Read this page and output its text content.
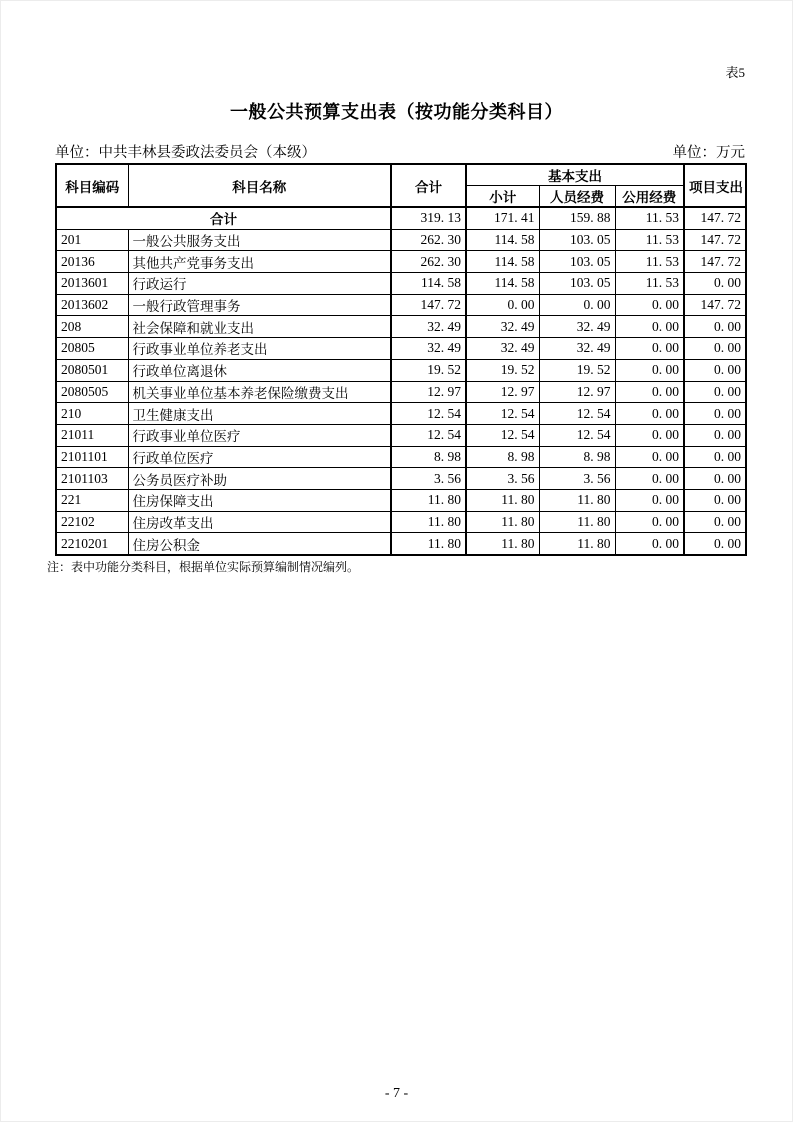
表5
一般公共预算支出表（按功能分类科目）
单位：中共丰林县委政法委员会（本级）	单位：万元
科目编码	科目名称	合计	基本支出			项目支出
			小计	人员经费	公用经费	
合计		319. 13	171. 41	159. 88	11. 53	147. 72
201	一般公共服务支出	262. 30	114. 58	103. 05	11. 53	147. 72
20136	其他共产党事务支出	262. 30	114. 58	103. 05	11. 53	147. 72
2013601	行政运行	114. 58	114. 58	103. 05	11. 53	0. 00
2013602	一般行政管理事务	147. 72	0. 00	0. 00	0. 00	147. 72
208	社会保障和就业支出	32. 49	32. 49	32. 49	0. 00	0. 00
20805	行政事业单位养老支出	32. 49	32. 49	32. 49	0. 00	0. 00
2080501	行政单位离退休	19. 52	19. 52	19. 52	0. 00	0. 00
2080505	机关事业单位基本养老保险缴费支出	12. 97	12. 97	12. 97	0. 00	0. 00
210	卫生健康支出	12. 54	12. 54	12. 54	0. 00	0. 00
21011	行政事业单位医疗	12. 54	12. 54	12. 54	0. 00	0. 00
2101101	行政单位医疗	8. 98	8. 98	8. 98	0. 00	0. 00
2101103	公务员医疗补助	3. 56	3. 56	3. 56	0. 00	0. 00
221	住房保障支出	11. 80	11. 80	11. 80	0. 00	0. 00
22102	住房改革支出	11. 80	11. 80	11. 80	0. 00	0. 00
2210201	住房公积金	11. 80	11. 80	11. 80	0. 00	0. 00
注：表中功能分类科目，根据单位实际预算编制情况编列。
- 7 -
